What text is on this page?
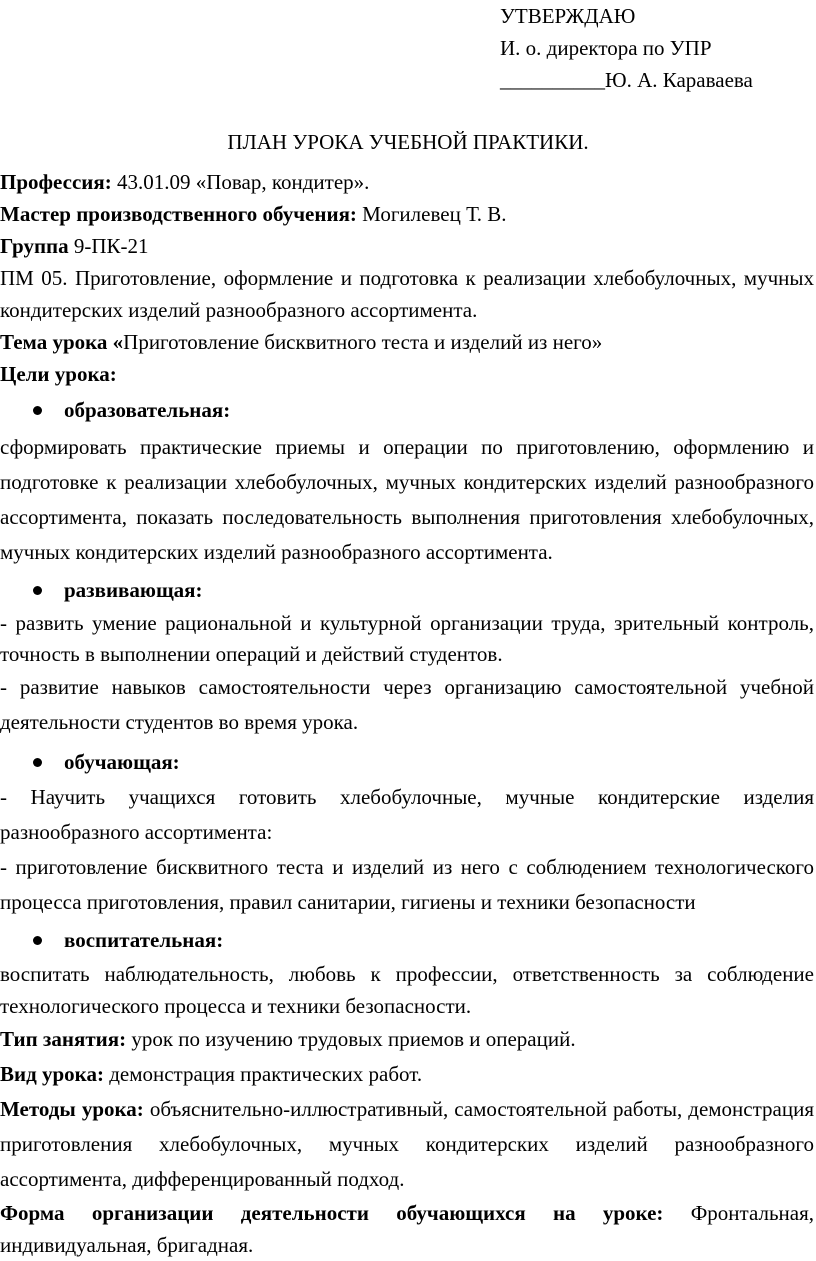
УТВЕРЖДАЮ
И. о. директора по УПР
__________Ю. А. Караваева
ПЛАН УРОКА УЧЕБНОЙ ПРАКТИКИ.

Профессия: 43.01.09 «Повар, кондитер».

Мастер производственного обучения: Могилевец Т. В.

Группа 9-ПК-21

ПМ 05. Приготовление, оформление и подготовка к реализации хлебобулочных, мучных кондитерских изделий разнообразного ассортимента.

Тема урока «Приготовление бисквитного теста и изделий из него»

Цели урока:

образовательная:

сформировать практические приемы и операции по приготовлению, оформлению и подготовке к реализации хлебобулочных, мучных кондитерских изделий разнообразного ассортимента, показать последовательность выполнения приготовления хлебобулочных, мучных кондитерских изделий разнообразного ассортимента.

развивающая:

- развить умение рациональной и культурной организации труда, зрительный контроль, точность в выполнении операций и действий студентов.

- развитие навыков самостоятельности через организацию самостоятельной учебной деятельности студентов во время урока.

обучающая:

- Научить учащихся готовить хлебобулочные, мучные кондитерские изделия разнообразного ассортимента:

- приготовление бисквитного теста и изделий из него с соблюдением технологического процесса приготовления, правил санитарии, гигиены и техники безопасности

воспитательная:

воспитать наблюдательность, любовь к профессии, ответственность за соблюдение технологического процесса и техники безопасности.

Тип занятия: урок по изучению трудовых приемов и операций.

Вид урока: демонстрация практических работ.

Методы урока: объяснительно-иллюстративный, самостоятельной работы, демонстрация приготовления хлебобулочных, мучных кондитерских изделий разнообразного ассортимента, дифференцированный подход.

Форма организации деятельности обучающихся на уроке: Фронтальная, индивидуальная, бригадная.
